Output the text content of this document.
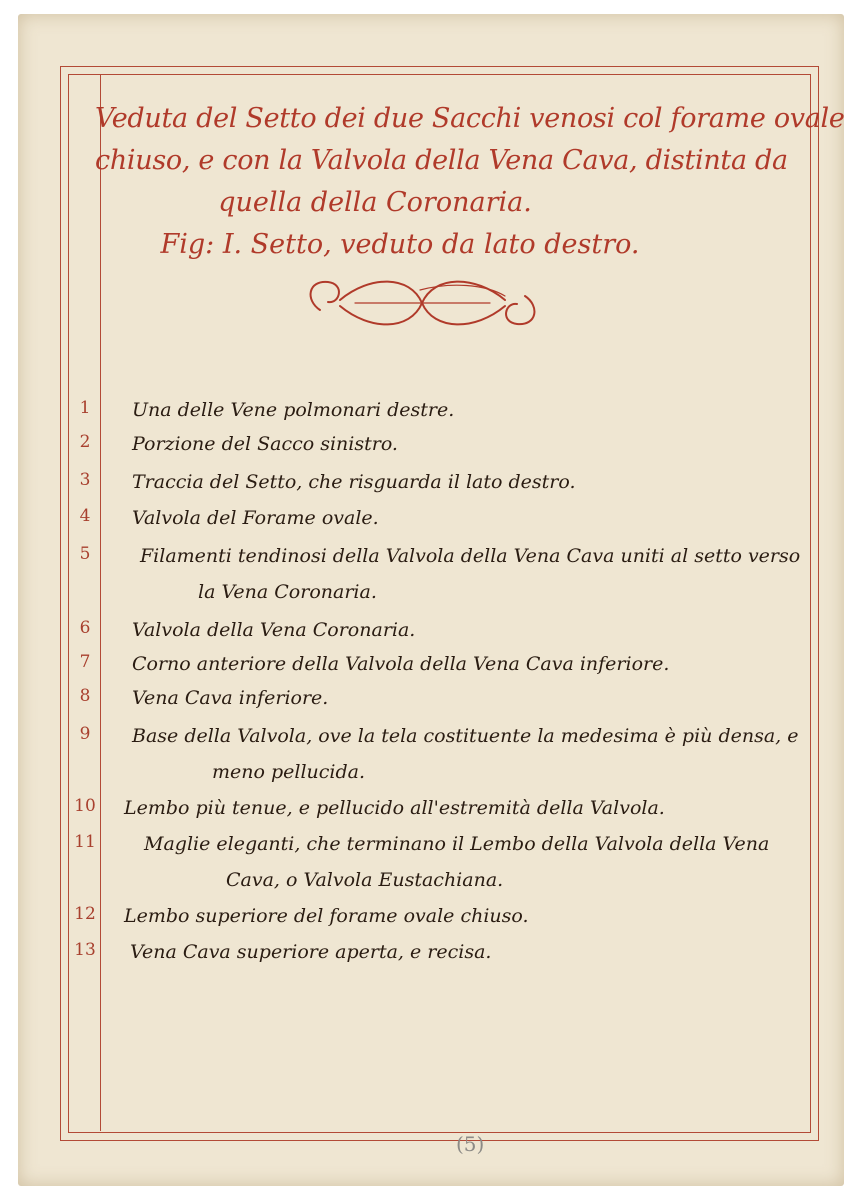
Veduta del Setto dei due Sacchi venosi col forame ovale
chiuso, e con la Valvola della Vena Cava, distinta da
quella della Coronaria.
Fig: I. Setto, veduto da lato destro.
1	Una delle Vene polmonari destre.
2	Porzione del Sacco sinistro.
3	Traccia del Setto, che risguarda il lato destro.
4	Valvola del Forame ovale.
5	Filamenti tendinosi della Valvola della Vena Cava uniti al setto verso
la Vena Coronaria.
6	Valvola della Vena Coronaria.
7	Corno anteriore della Valvola della Vena Cava inferiore.
8	Vena Cava inferiore.
9	Base della Valvola, ove la tela costituente la medesima è più densa, e
meno pellucida.
10	Lembo più tenue, e pellucido all'estremità della Valvola.
11	Maglie eleganti, che terminano il Lembo della Valvola della Vena
Cava, o Valvola Eustachiana.
12	Lembo superiore del forame ovale chiuso.
13	Vena Cava superiore aperta, e recisa.
(5)
